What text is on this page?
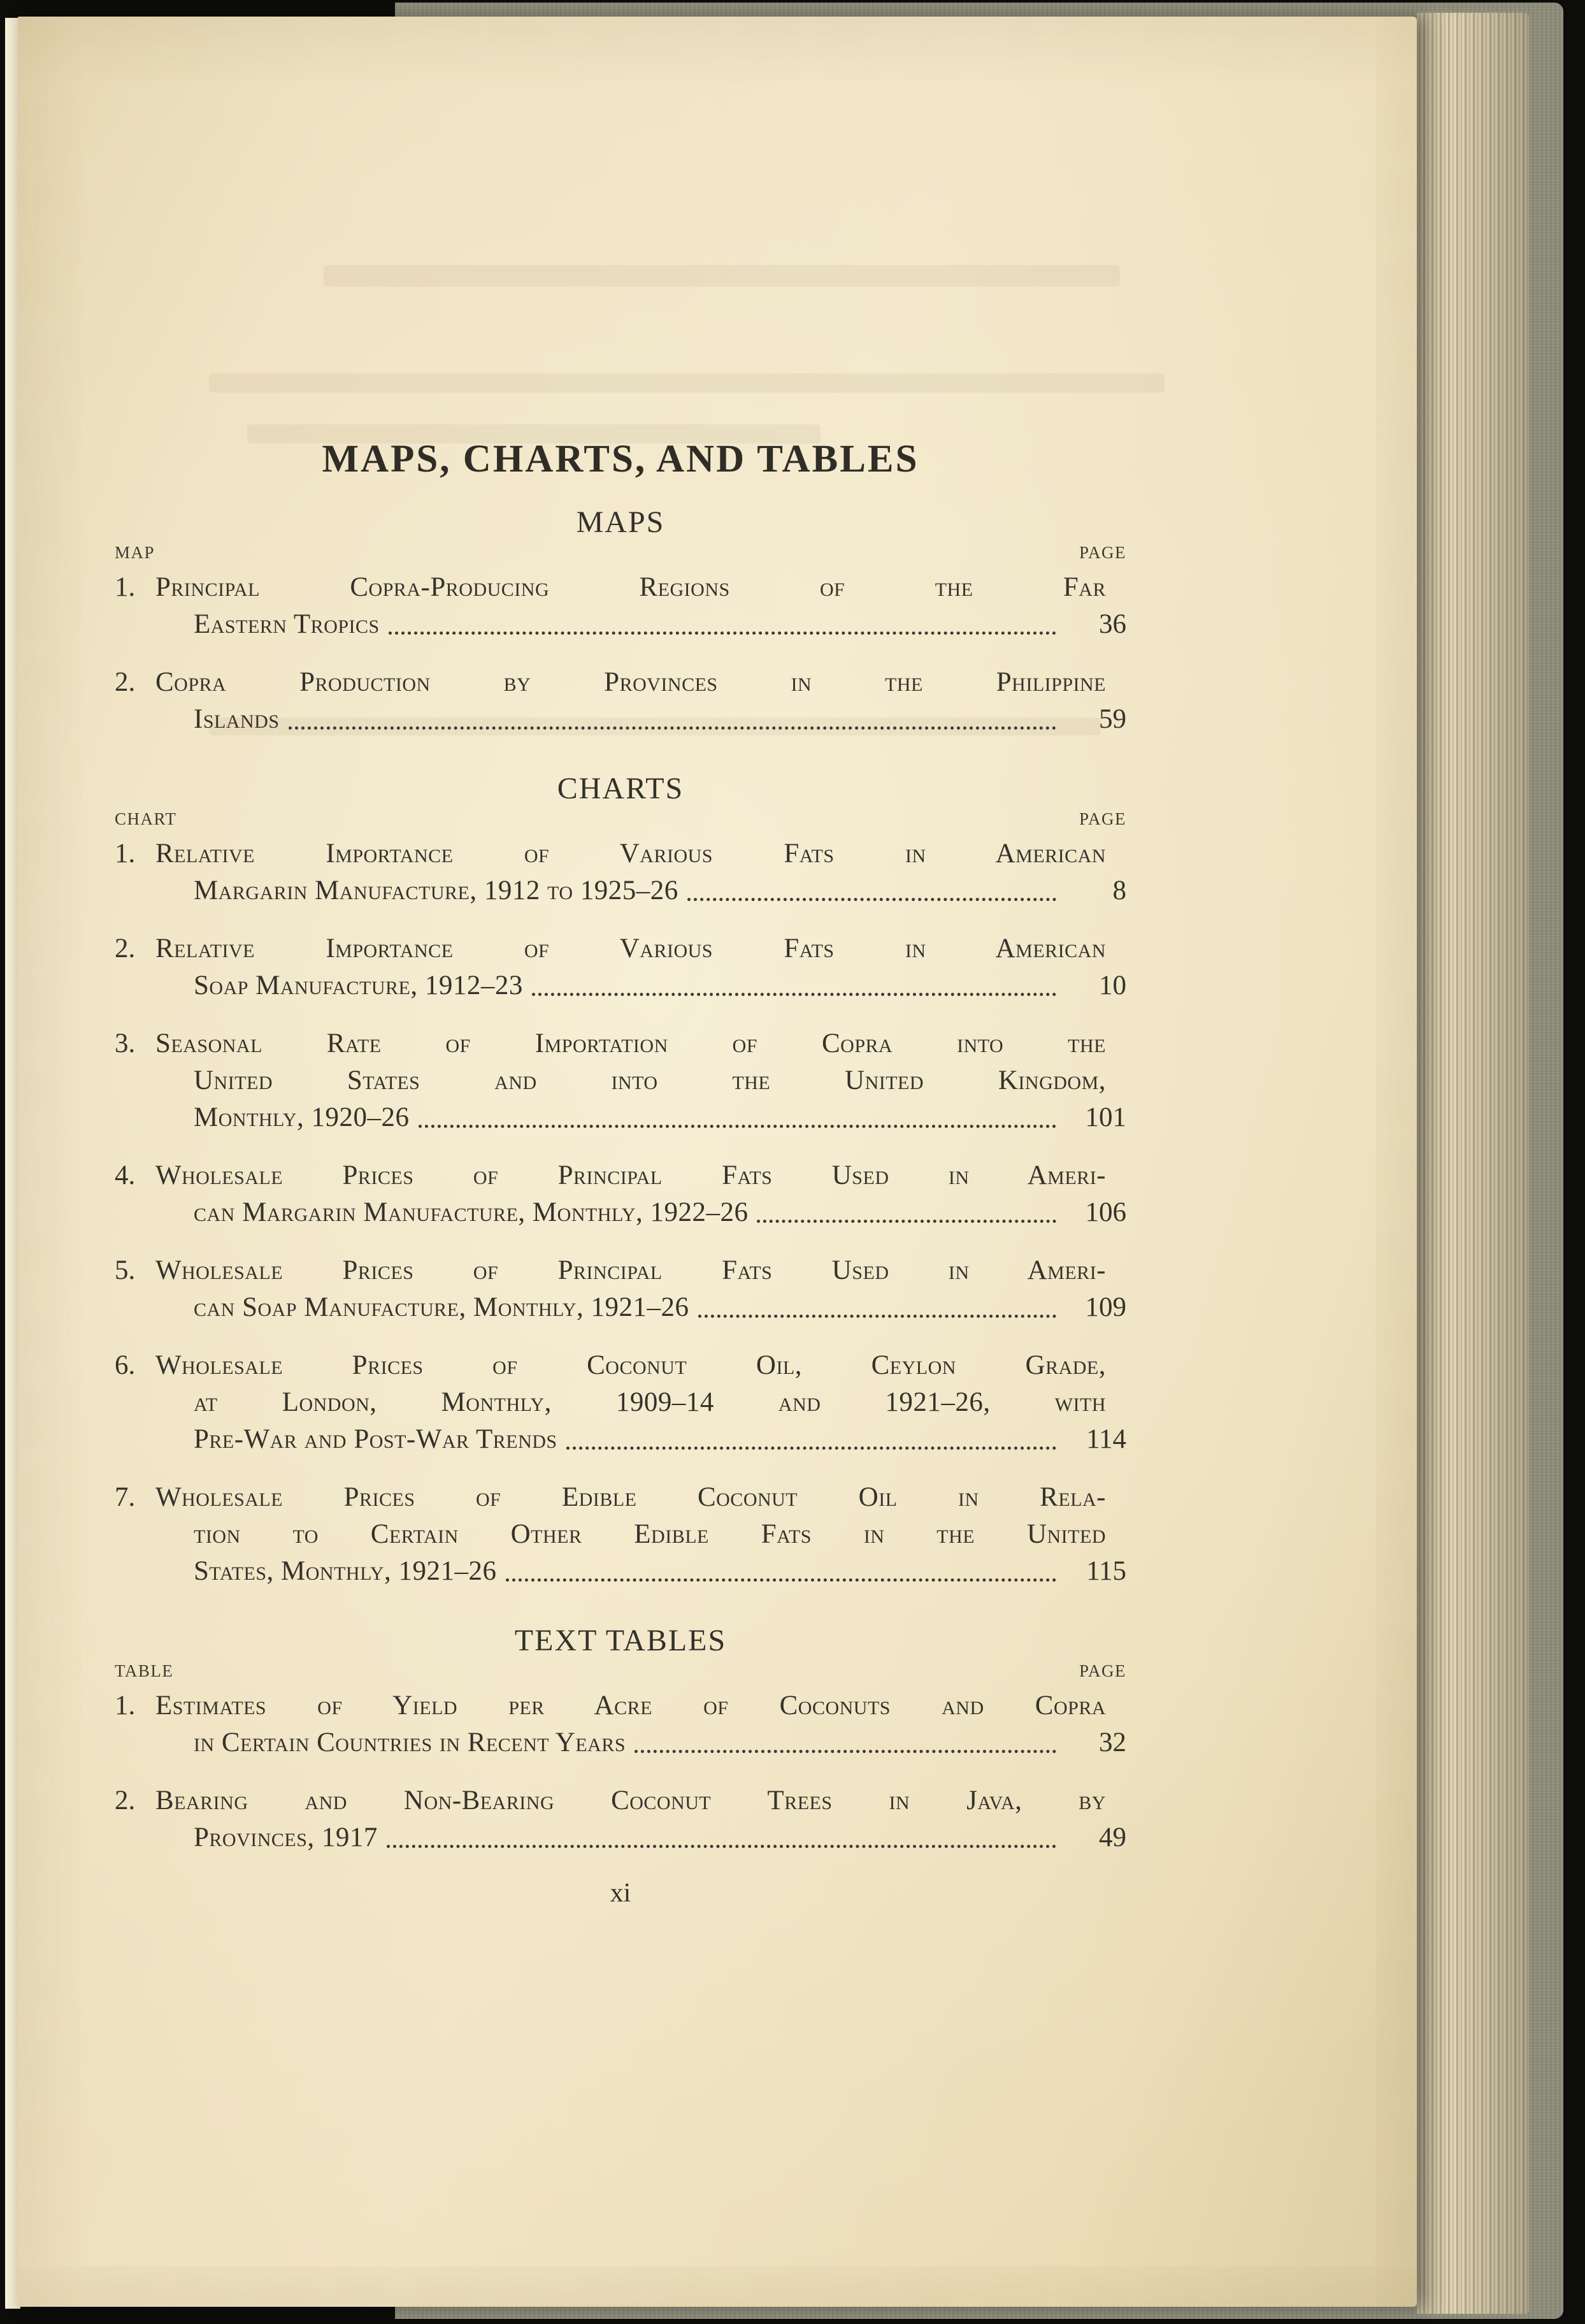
MAPS, CHARTS, AND TABLES
MAPS
MAP	PAGE
1. Principal Copra-Producing Regions of the Far
Eastern Tropics	36
2. Copra Production by Provinces in the Philippine
Islands	59
CHARTS
CHART	PAGE
1. Relative Importance of Various Fats in American
Margarin Manufacture, 1912 to 1925–26	8
2. Relative Importance of Various Fats in American
Soap Manufacture, 1912–23	10
3. Seasonal Rate of Importation of Copra into the
United States and into the United Kingdom,
Monthly, 1920–26	101
4. Wholesale Prices of Principal Fats Used in Ameri-
can Margarin Manufacture, Monthly, 1922–26	106
5. Wholesale Prices of Principal Fats Used in Ameri-
can Soap Manufacture, Monthly, 1921–26	109
6. Wholesale Prices of Coconut Oil, Ceylon Grade,
at London, Monthly, 1909–14 and 1921–26, with
Pre-War and Post-War Trends	114
7. Wholesale Prices of Edible Coconut Oil in Rela-
tion to Certain Other Edible Fats in the United
States, Monthly, 1921–26	115
TEXT TABLES
TABLE	PAGE
1. Estimates of Yield per Acre of Coconuts and Copra
in Certain Countries in Recent Years	32
2. Bearing and Non-Bearing Coconut Trees in Java, by
Provinces, 1917	49
xi
